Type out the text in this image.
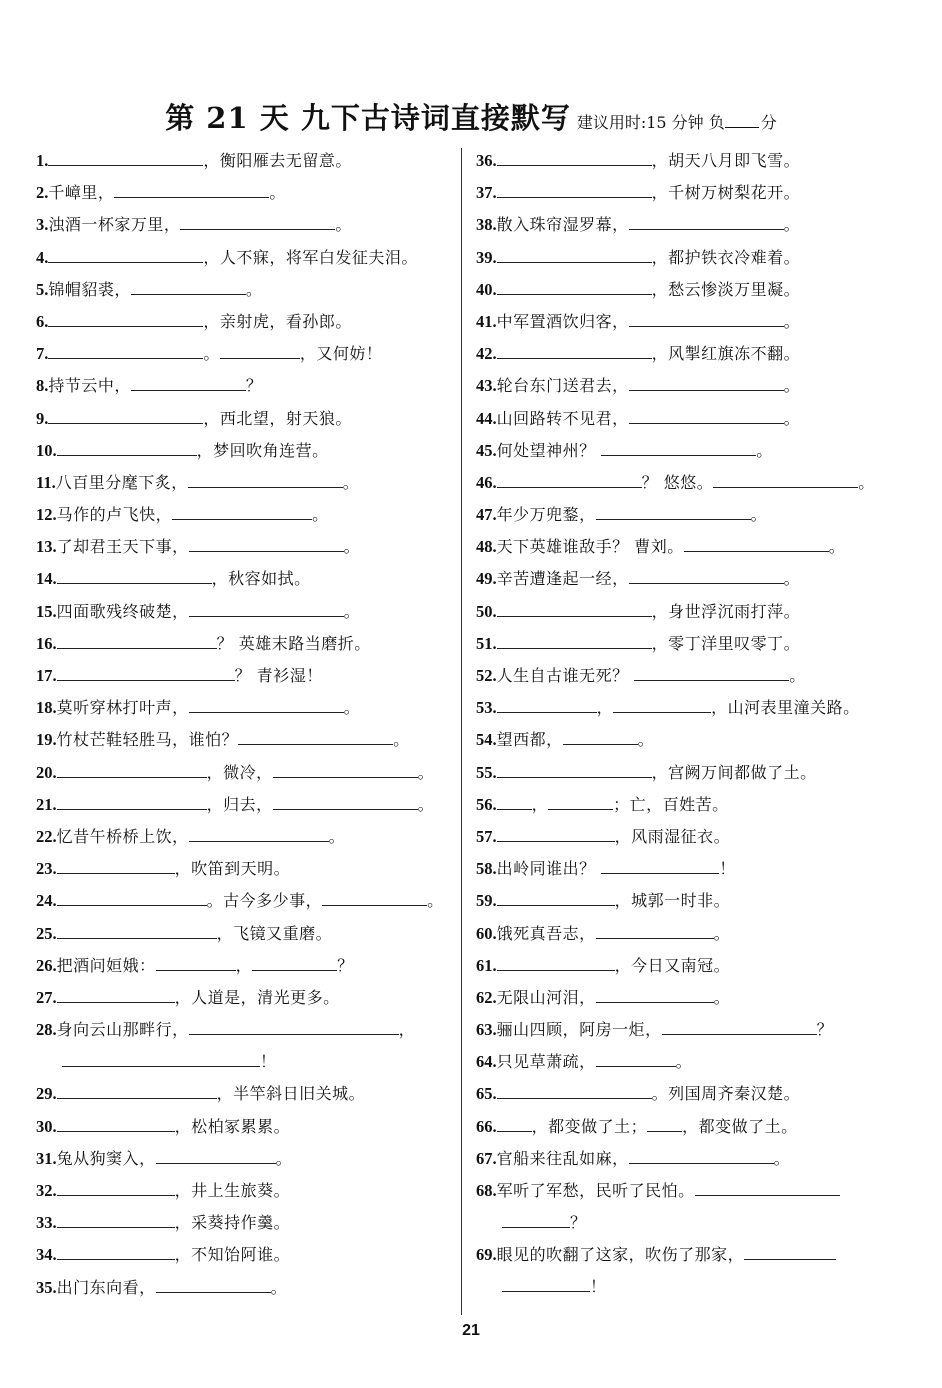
第 21 天 九下古诗词直接默写 建议用时:15 分钟 负 分
1.	，衡阳雁去无留意。
2.千嶂里，	。
3.浊酒一杯家万里，	。
4.	，人不寐，将军白发征夫泪。
5.锦帽貂裘，	。
6.	，亲射虎，看孙郎。
7.	。	，又何妨！
8.持节云中，	？
9.	，西北望，射天狼。
10.	，梦回吹角连营。
11.八百里分麾下炙，	。
12.马作的卢飞快，	。
13.了却君王天下事，	。
14.	，秋容如拭。
15.四面歌残终破楚，	。
16.	？ 英雄末路当磨折。
17.	？ 青衫湿！
18.莫听穿林打叶声，	。
19.竹杖芒鞋轻胜马，谁怕？	。
20.	，微冷，	。
21.	，归去，	。
22.忆昔午桥桥上饮，	。
23.	，吹笛到天明。
24.	。古今多少事，	。
25.	，飞镜又重磨。
26.把酒问姮娥：	，	？
27.	，人道是，清光更多。
28.身向云山那畔行，	，
！
29.	，半竿斜日旧关城。
30.	，松柏冢累累。
31.兔从狗窦入，	。
32.	，井上生旅葵。
33.	，采葵持作羹。
34.	，不知饴阿谁。
35.出门东向看，	。
36.	，胡天八月即飞雪。
37.	，千树万树梨花开。
38.散入珠帘湿罗幕，	。
39.	，都护铁衣冷难着。
40.	，愁云惨淡万里凝。
41.中军置酒饮归客，	。
42.	，风掣红旗冻不翻。
43.轮台东门送君去，	。
44.山回路转不见君，	。
45.何处望神州？	。
46.	？ 悠悠。	。
47.年少万兜鍪，	。
48.天下英雄谁敌手？ 曹刘。	。
49.辛苦遭逢起一经，	。
50.	，身世浮沉雨打萍。
51.	，零丁洋里叹零丁。
52.人生自古谁无死？	。
53.	，	，山河表里潼关路。
54.望西都，	。
55.	，宫阙万间都做了土。
56. ，	；亡，百姓苦。
57.	，风雨湿征衣。
58.出岭同谁出？	！
59.	，城郭一时非。
60.饿死真吾志，	。
61.	，今日又南冠。
62.无限山河泪，	。
63.骊山四顾，阿房一炬，	？
64.只见草萧疏，	。
65.	。列国周齐秦汉楚。
66. ，都变做了土； ，都变做了土。
67.官船来往乱如麻，	。
68.军听了军愁，民听了民怕。
？
69.眼见的吹翻了这家，吹伤了那家，
！
21
